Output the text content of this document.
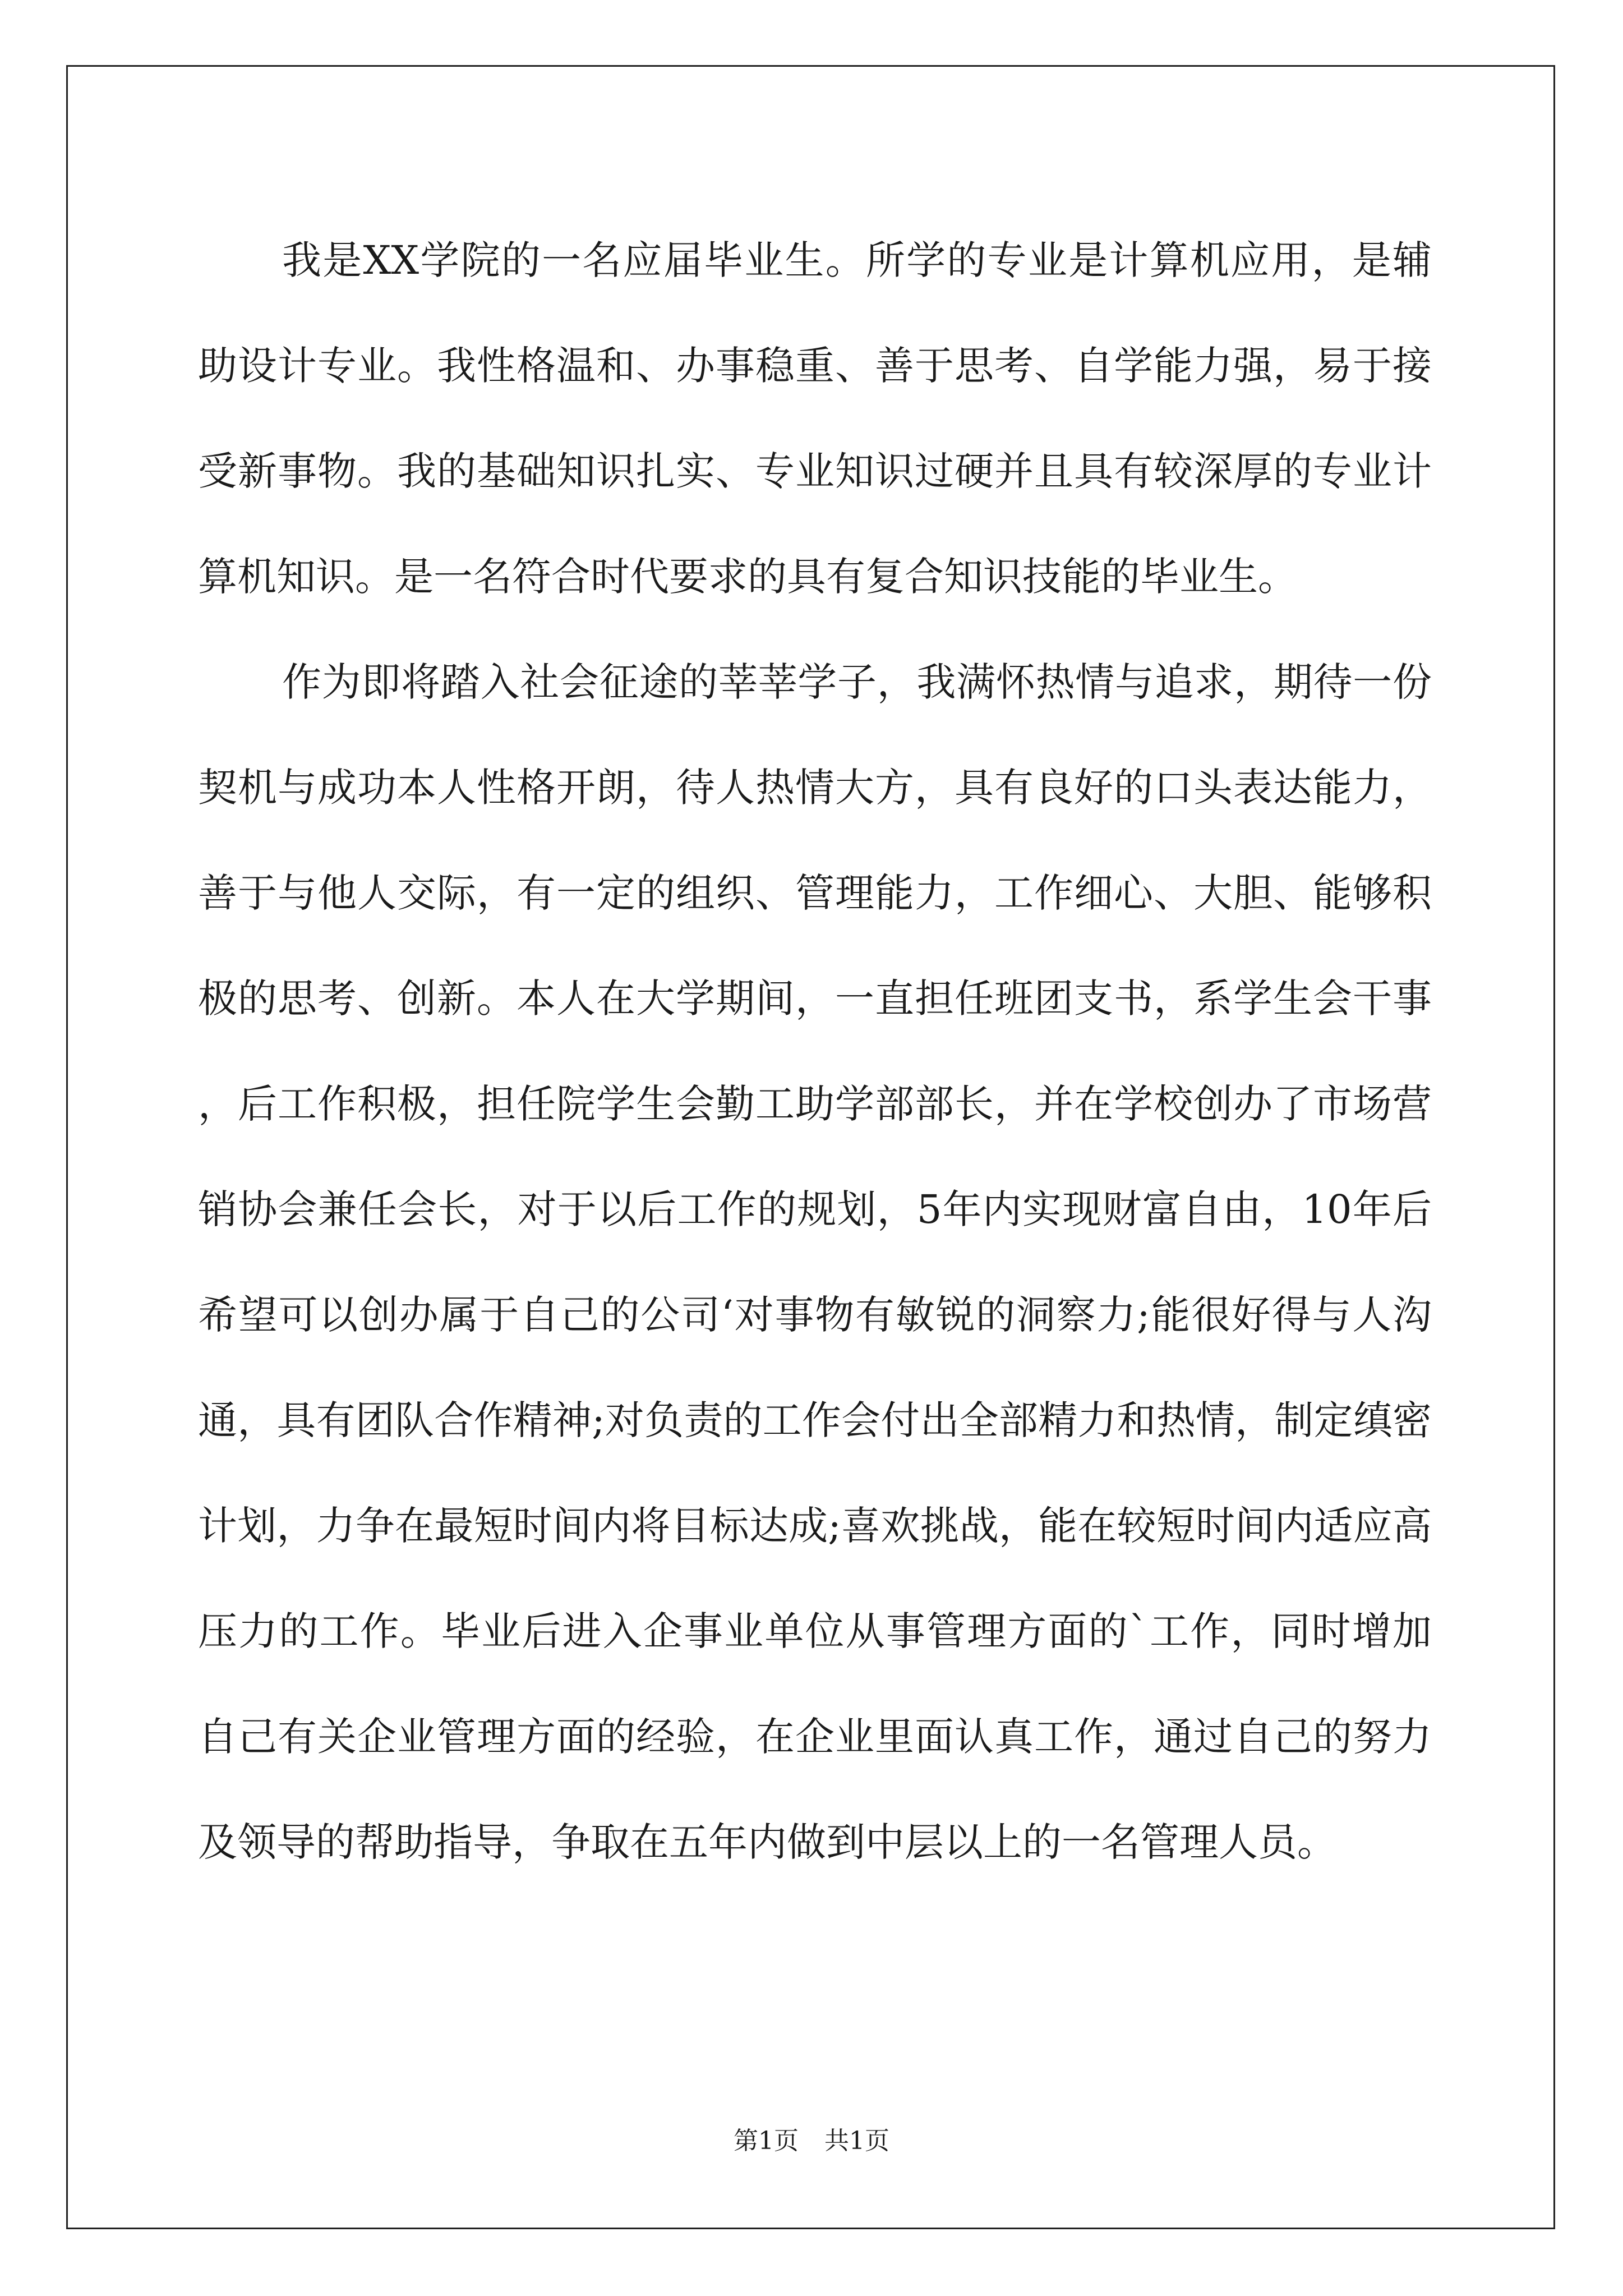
我是XX学院的一名应届毕业生。所学的专业是计算机应用，是辅助设计专业。我性格温和、办事稳重、善于思考、自学能力强，易于接受新事物。我的基础知识扎实、专业知识过硬并且具有较深厚的专业计算机知识。是一名符合时代要求的具有复合知识技能的毕业生。

作为即将踏入社会征途的莘莘学子，我满怀热情与追求，期待一份契机与成功本人性格开朗，待人热情大方，具有良好的口头表达能力，善于与他人交际，有一定的组织、管理能力，工作细心、大胆、能够积极的思考、创新。本人在大学期间，一直担任班团支书，系学生会干事，后工作积极，担任院学生会勤工助学部部长，并在学校创办了市场营销协会兼任会长，对于以后工作的规划，5年内实现财富自由，10年后希望可以创办属于自己的公司‘对事物有敏锐的洞察力;能很好得与人沟通，具有团队合作精神;对负责的工作会付出全部精力和热情，制定缜密计划，力争在最短时间内将目标达成;喜欢挑战，能在较短时间内适应高压力的工作。毕业后进入企事业单位从事管理方面的`工作，同时增加自己有关企业管理方面的经验，在企业里面认真工作，通过自己的努力及领导的帮助指导，争取在五年内做到中层以上的一名管理人员。

第1页 共1页
